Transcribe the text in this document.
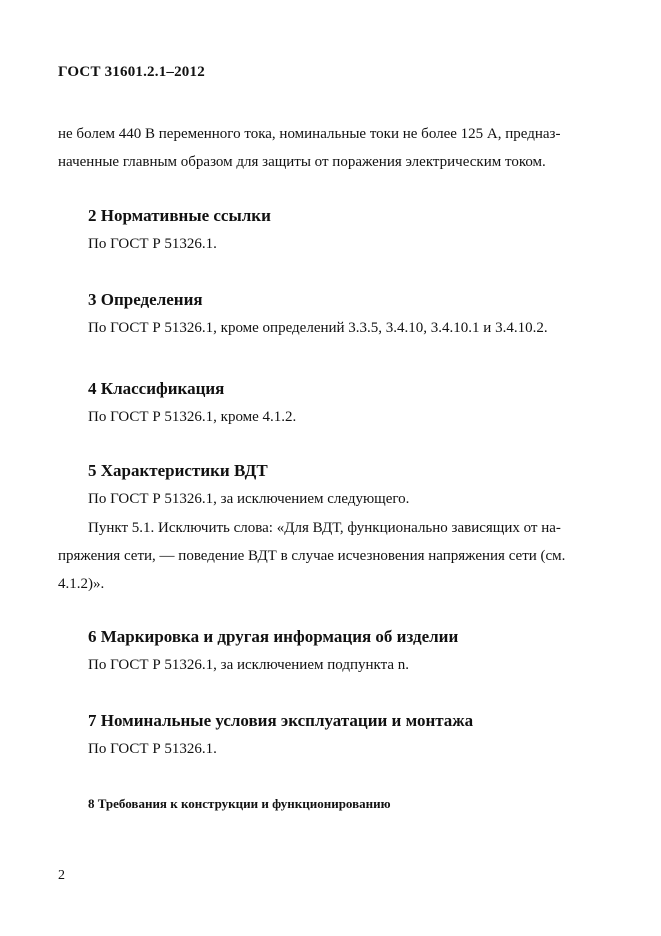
ГОСТ 31601.2.1–2012
не болем 440 В переменного тока, номинальные токи не более 125 А, предназ-
наченные главным образом для защиты от поражения электрическим током.
2 Нормативные ссылки
По ГОСТ Р 51326.1.
3 Определения
По ГОСТ Р 51326.1, кроме определений 3.3.5, 3.4.10, 3.4.10.1 и 3.4.10.2.
4 Классификация
По ГОСТ Р 51326.1, кроме 4.1.2.
5 Характеристики ВДТ
По ГОСТ Р 51326.1, за исключением следующего.
Пункт 5.1. Исключить слова: «Для ВДТ, функционально зависящих от на-
пряжения сети, — поведение ВДТ в случае исчезновения напряжения сети (см.
4.1.2)».
6 Маркировка и другая информация об изделии
По ГОСТ Р 51326.1, за исключением подпункта n.
7 Номинальные условия эксплуатации и монтажа
По ГОСТ Р 51326.1.
8 Требования к конструкции и функционированию
2
